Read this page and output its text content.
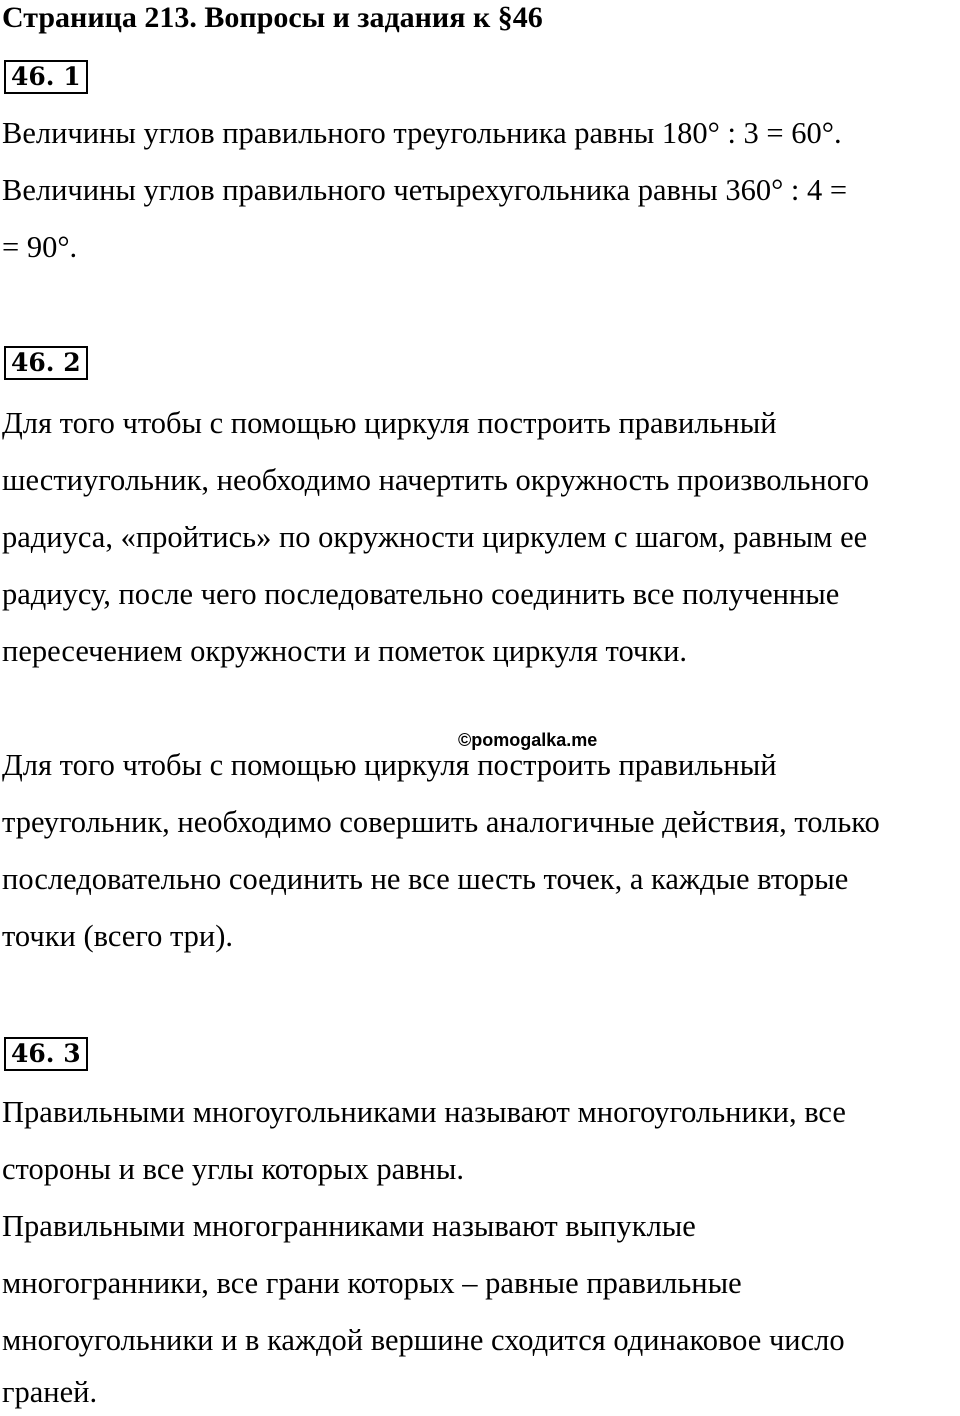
Страница 213. Вопросы и задания к §46
46. 1
Величины углов правильного треугольника равны 180° : 3 = 60°.
Величины углов правильного четырехугольника равны 360° : 4 =
= 90°.
46. 2
Для того чтобы с помощью циркуля построить правильный
шестиугольник, необходимо начертить окружность произвольного
радиуса, «пройтись» по окружности циркулем с шагом, равным ее
радиусу, после чего последовательно соединить все полученные
пересечением окружности и пометок циркуля точки.
©pomogalka.me
Для того чтобы с помощью циркуля построить правильный
треугольник, необходимо совершить аналогичные действия, только
последовательно соединить не все шесть точек, а каждые вторые
точки (всего три).
46. 3
Правильными многоугольниками называют многоугольники, все
стороны и все углы которых равны.
Правильными многогранниками называют выпуклые
многогранники, все грани которых – равные правильные
многоугольники и в каждой вершине сходится одинаковое число
граней.
